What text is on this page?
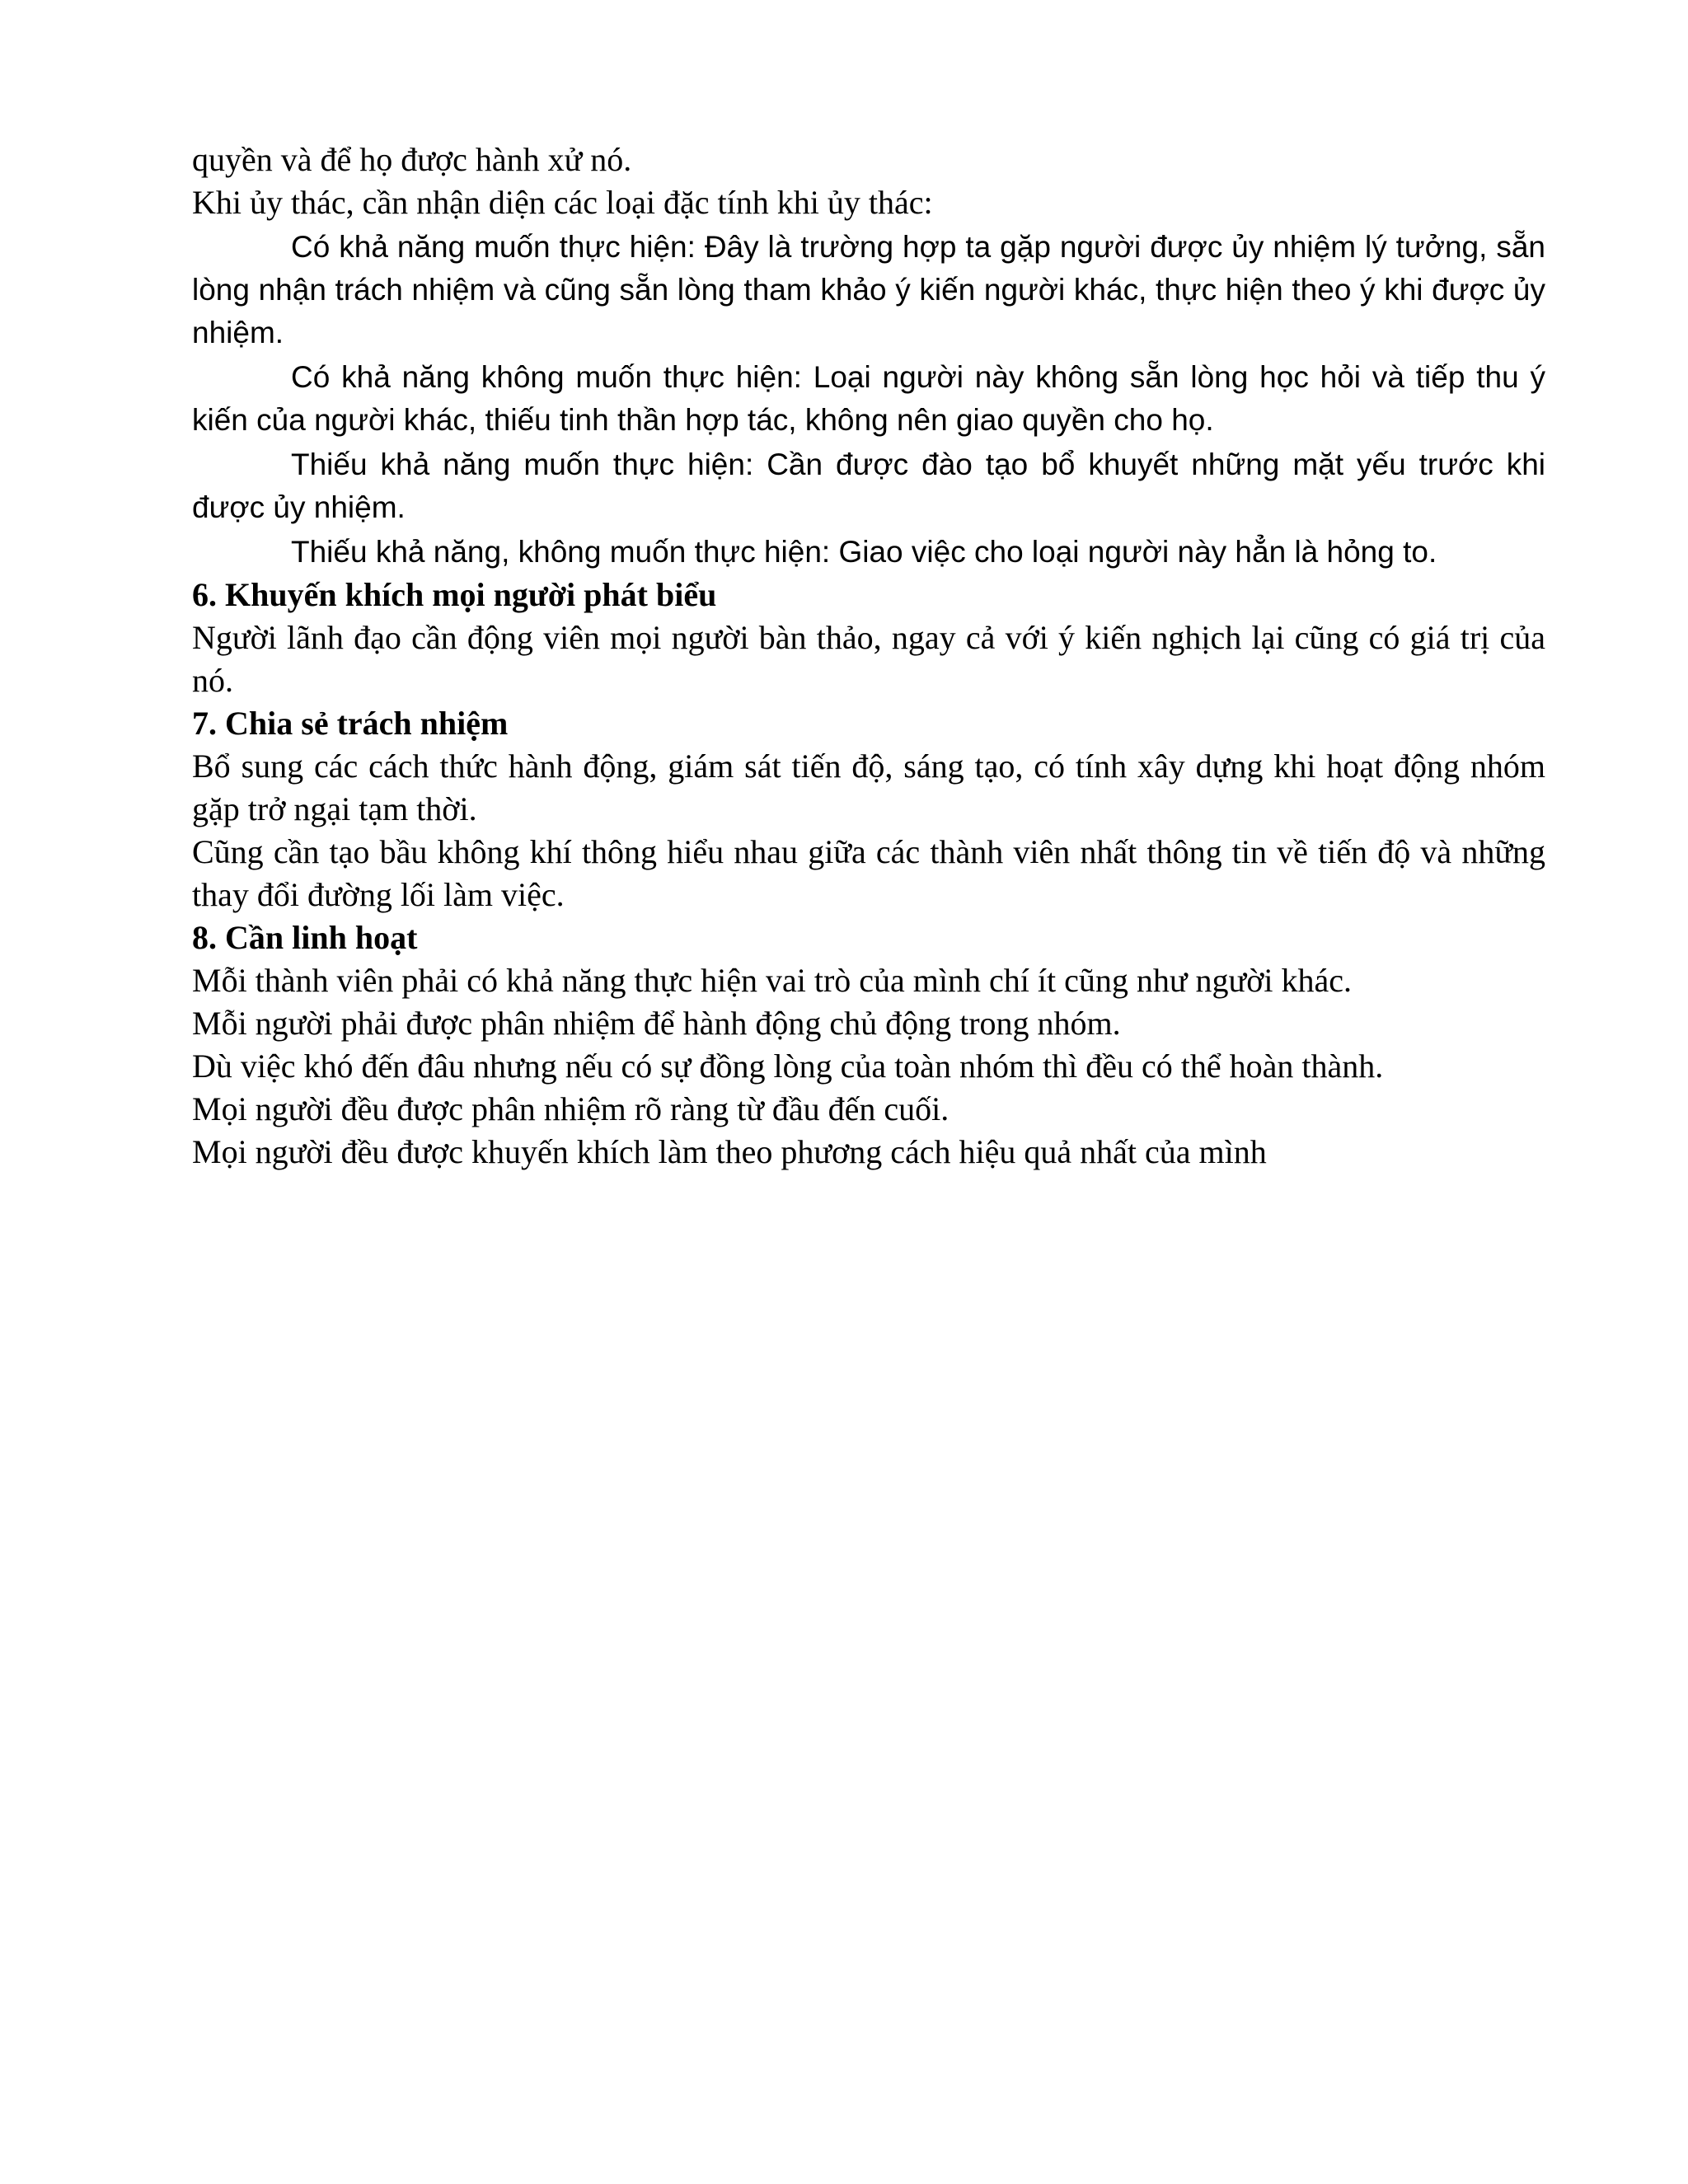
quyền và để họ được hành xử nó.

Khi ủy thác, cần nhận diện các loại đặc tính khi ủy thác:

Có khả năng muốn thực hiện: Đây là trường hợp ta gặp người được ủy nhiệm lý tưởng, sẵn lòng nhận trách nhiệm và cũng sẵn lòng tham khảo ý kiến người khác, thực hiện theo ý khi được ủy nhiệm.

Có khả năng không muốn thực hiện: Loại người này không sẵn lòng học hỏi và tiếp thu ý kiến của người khác, thiếu tinh thần hợp tác, không nên giao quyền cho họ.

Thiếu khả năng muốn thực hiện: Cần được đào tạo bổ khuyết những mặt yếu trước khi được ủy nhiệm.

Thiếu khả năng, không muốn thực hiện: Giao việc cho loại người này hẳn là hỏng to.

6. Khuyến khích mọi người phát biểu

Người lãnh đạo cần động viên mọi người bàn thảo, ngay cả với ý kiến nghịch lại cũng có giá trị của nó.

7. Chia sẻ trách nhiệm

Bổ sung các cách thức hành động, giám sát tiến độ, sáng tạo, có tính xây dựng khi hoạt động nhóm gặp trở ngại tạm thời.

Cũng cần tạo bầu không khí thông hiểu nhau giữa các thành viên nhất thông tin về tiến độ và những thay đổi đường lối làm việc.

8. Cần linh hoạt

Mỗi thành viên phải có khả năng thực hiện vai trò của mình chí ít cũng như người khác.

Mỗi người phải được phân nhiệm để hành động chủ động trong nhóm.

Dù việc khó đến đâu nhưng nếu có sự đồng lòng của toàn nhóm thì đều có thể hoàn thành.

Mọi người đều được phân nhiệm rõ ràng từ đầu đến cuối.

Mọi người đều được khuyến khích làm theo phương cách hiệu quả nhất của mình
